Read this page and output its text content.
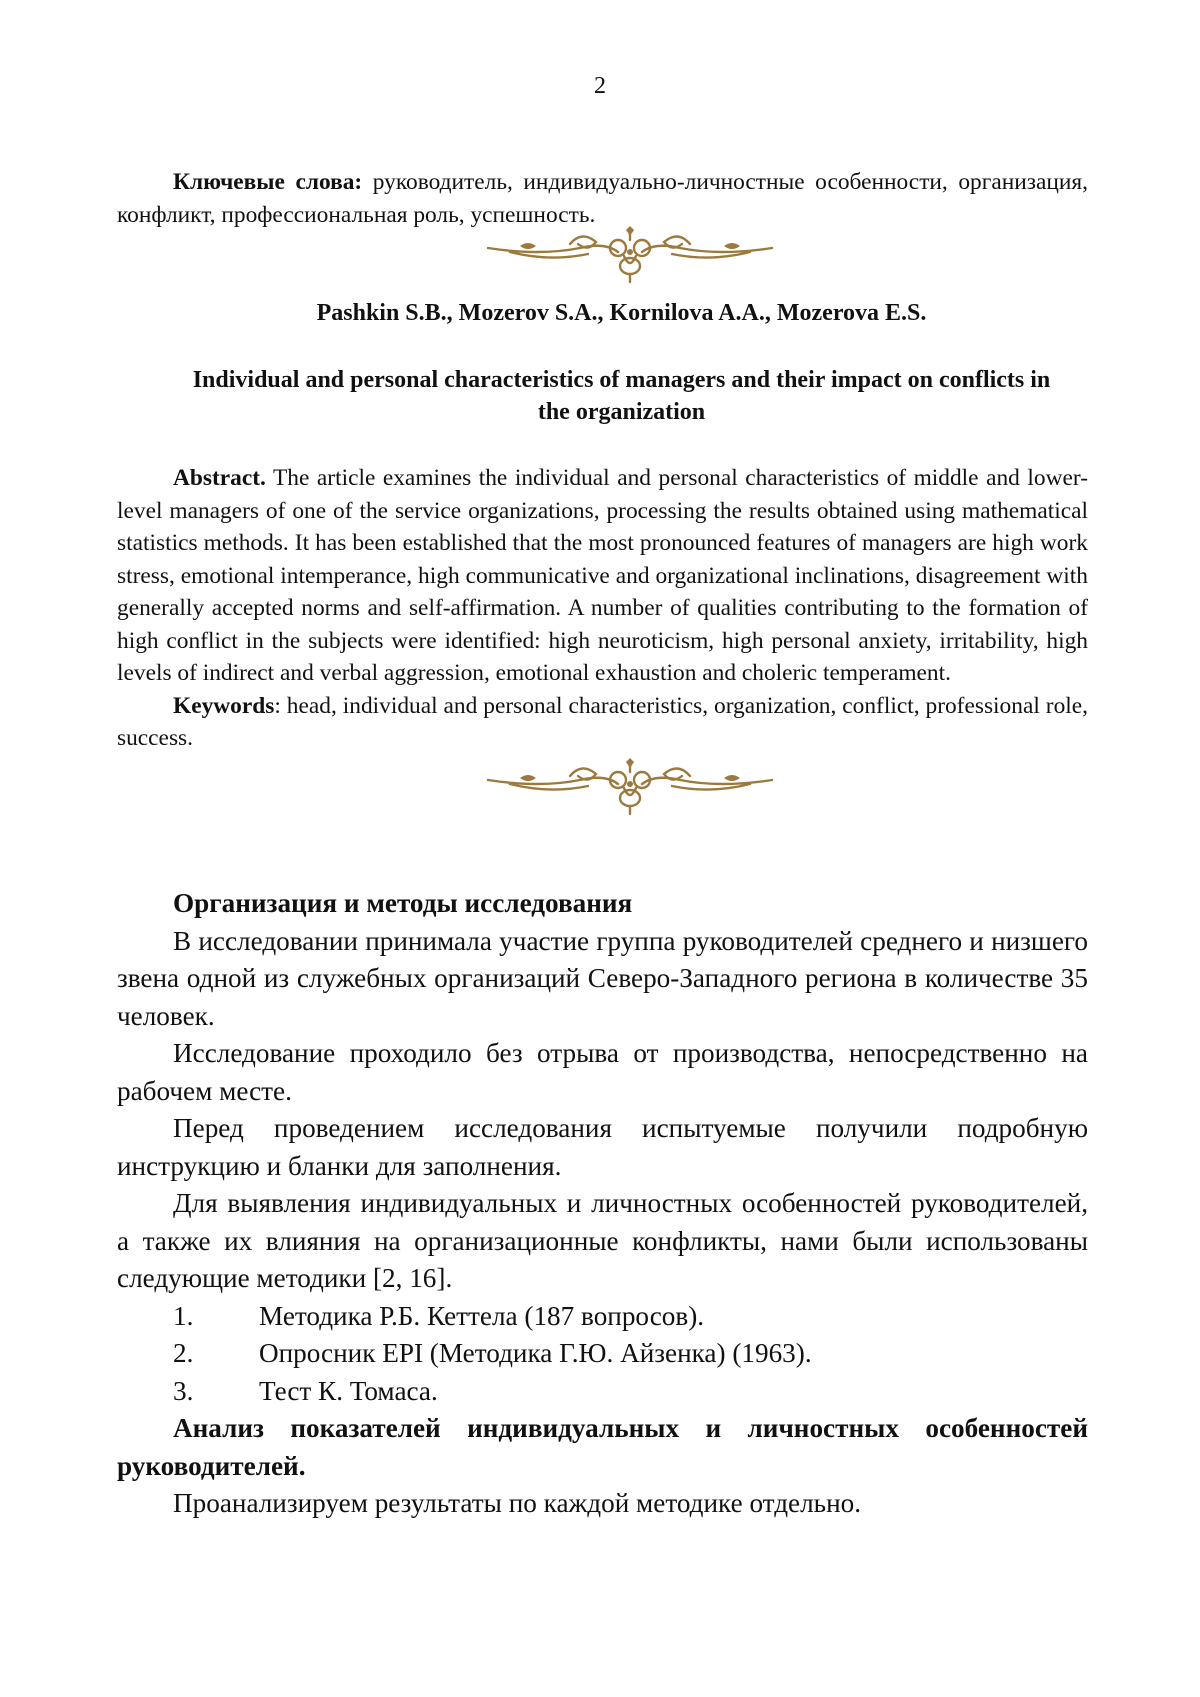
2

Ключевые слова: руководитель, индивидуально-личностные особенности, организация, конфликт, профессиональная роль, успешность.

Pashkin S.B., Mozerov S.A., Kornilova A.A., Mozerova E.S.
Individual and personal characteristics of managers and their impact on conflicts in the organization

Abstract. The article examines the individual and personal characteristics of middle and lower-level managers of one of the service organizations, processing the results obtained using mathematical statistics methods. It has been established that the most pronounced features of managers are high work stress, emotional intemperance, high communicative and organizational inclinations, disagreement with generally accepted norms and self-affirmation. A number of qualities contributing to the formation of high conflict in the subjects were identified: high neuroticism, high personal anxiety, irritability, high levels of indirect and verbal aggression, emotional exhaustion and choleric temperament.

Keywords: head, individual and personal characteristics, organization, conflict, professional role, success.

Организация и методы исследования

В исследовании принимала участие группа руководителей среднего и низшего звена одной из служебных организаций Северо-Западного региона в количестве 35 человек.

Исследование проходило без отрыва от производства, непосредственно на рабочем месте.

Перед проведением исследования испытуемые получили подробную инструкцию и бланки для заполнения.

Для выявления индивидуальных и личностных особенностей руководителей, а также их влияния на организационные конфликты, нами были использованы следующие методики [2, 16].

1.	Методика Р.Б. Кеттела (187 вопросов).
2.	Опросник EPI (Методика Г.Ю. Айзенка) (1963).
3.	Тест К. Томаса.

Анализ показателей индивидуальных и личностных особенностей руководителей.

Проанализируем результаты по каждой методике отдельно.
